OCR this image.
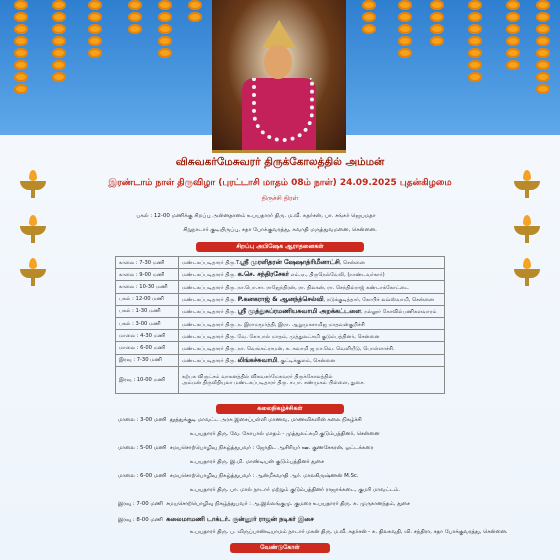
விசுவகர்மேசுவரர் திருக்கோலத்தில் அம்மன்
இரண்டாம் நாள் திருவிழா (புரட்டாசி மாதம் 08ம் நாள்) 24.09.2025 புதன்கிழமை
திருச்சி திரள்
பகல் : 12-00 மணிக்கு சிறப்பு அன்னதானம் உபயதாரர் திரு. ம.வீ. சுதர்சன், பா. சங்கர் ஜெயமதா
சிறுநாடார் குடியிருப்பு, சதா போக்குவரத்து, சுவாதி மருத்துவமனை, சென்னை.
சிறப்பு அபிஷேக ஆராதனைகள்
காலை : 7-30 மணி	மண்டகப்படிதாரர் திரு.T.ஸ்ரீ முரளிதரன் ஷேஷாத்ரிமீனாட்சி, சென்னை
காலை : 9-00 மணி	மண்டகப்படிதாரர் திரு. க.செ. சந்திரசேகர் எம்.ஏ., திருநெல்வேலி, (நாண்டவர்கார்)
காலை : 10-30 மணி	மண்டகப்படிதாரர் திரு. நா.பொ.சா. ராஜேந்திரன், ரா. திலகன், ரா. செந்தில்ராஜ் கண்டாக்கோட்டை
பகல் : 12-00 மணி	மண்டகப்படிதாரர் திரு. P.கனகராஜ் & ஆனந்த்செல்வி, நடுக்குடித்தார், கோபிச் லவ்ஸ்வாமி, சென்னை
பகல் : 1-30 மணி	மண்டகப்படிதாரர் திரு. ஸ்ரீ முத்துசுப்ரமணியசுவாமி அறக்கட்டளை, நல்லூர் கோவில்பணிகளவாரம்
பகல் : 3-00 மணி	மண்டகப்படிதாரர் திரு. ந. இராமமூர்த்தி, இரா. ஆறுமுகசாமிஜ மாதவன்குறிச்சி
மாலை : 4-30 மணி	மண்டகப்படிதாரர் திரு. வே. கோபால் மாதம், முத்துலட்சுமி குடும்பத்தினர், சென்னை
மாலை : 6-00 மணி	மண்டகப்படிதாரர் திரு. நா. வெங்கட்ராமன், சு. சுவாமி ஜ நா.வெ. வெளியீடு, பொள்ளாச்சி.
இரவு : 7-30 மணி	மண்டகப்படிதாரர் திரு. லிங்கச்சுவாமி, குட்டிக்குளம், சென்னை
இரவு : 10-00 மணி	கற்பக விருட்சம் வாகனத்தில் விசுவகர்மேசுவரர் திருக்கோலத்தில்
அம்மன் திருவீதியுலா மண்டகப்படிதாரர் திரு. ச.பா. சண்முகம் பிள்ளை, துசை.
கலைநிகழ்ச்சிகள்
மாலை : 3-00 மணி தூத்துக்குடி மாவட்ட அரசு இசைப்பள்ளி மாணவ, மாணவிகளின் கலை நிகழ்ச்சி
உபயதாரர் திரு. வே. கோபால் மாதம் - முத்துலட்சுமி குடும்பத்தினர், சென்னை
மாலை : 5-00 மணி சமயசொற்பொழிவு நிகழ்த்துபவர் : ஜோதிட ஆசிரியர் ஊ. குணசேகரன், ஓட்டக்கரை
உபயதாரர் திரு. இ.மி. மாண்டியன் குடும்பத்தினர் துசை
மாலை : 6-00 மணி சமயசொற்பொழிவு நிகழ்த்துபவர் : ஆன்மீகவாதி ஆர். மாலகிருஷ்ணன் M.Sc.
உபயதாரர் திரு. பா. மால் நாடார் மற்றும் குடும்பத்தினர் ராஜாக்கடை, குமரி மாவட்டம்.
இரவு : 7-00 மணி சமயசொற்பொழிவு நிகழ்த்துபவர் : ஆ.இல்லங்குமு. குமரை உபயதாரர் திரு. சு. முருகானந்தம், துசை
இரவு : 8-00 மணி கலைமாமணி டாக்டர். குன்னூர் ராஜன் நடிகர் இசை
உபயதாரர் திரு. ப. விருப்பாண்டியாமம் நாடார் மகன் திரு. ம.வீ. சுதர்சன் - சு. திலகவதி, வி. சந்திரா, சதா போக்குவரத்து, சென்னை.
வேண்டுகோள்
